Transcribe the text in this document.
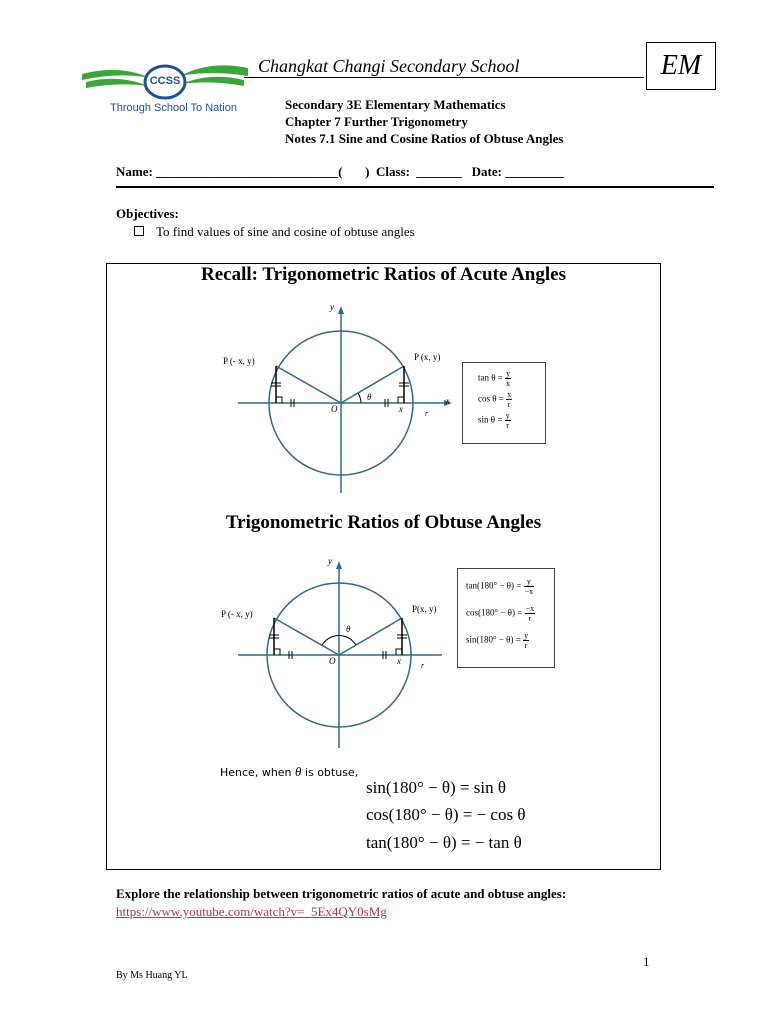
CCSS
Through School To Nation
Changkat Changi Secondary School	EM
Secondary 3E Elementary Mathematics
Chapter 7 Further Trigonometry
Notes 7.1 Sine and Cosine Ratios of Obtuse Angles
Name: ____________________________(       )  Class:  _______   Date: _________
Objectives:
To find values of sine and cosine of obtuse angles
Recall: Trigonometric Ratios of Acute Angles
y
x
O
P (- x, y)	P (x, y)
x	r
θ
$\tan \theta = \frac{y}{x}$
$\cos \theta = \frac{x}{r}$
$\sin \theta = \frac{y}{r}$
Trigonometric Ratios of Obtuse Angles
y
O
P (- x, y)	P(x, y)
x	r
θ
$\tan(180^\circ - \theta) = \frac{y}{-x}$
$\cos(180^\circ - \theta) = \frac{-x}{r}$
$\sin(180^\circ - \theta) = \frac{y}{r}$
Hence, when θ is obtuse,
sin(180° − θ) = sin θ
cos(180° − θ) = − cos θ
tan(180° − θ) = − tan θ
Explore the relationship between trigonometric ratios of acute and obtuse angles:
https://www.youtube.com/watch?v=_5Ex4QY0sMg
1
By Ms Huang YL
